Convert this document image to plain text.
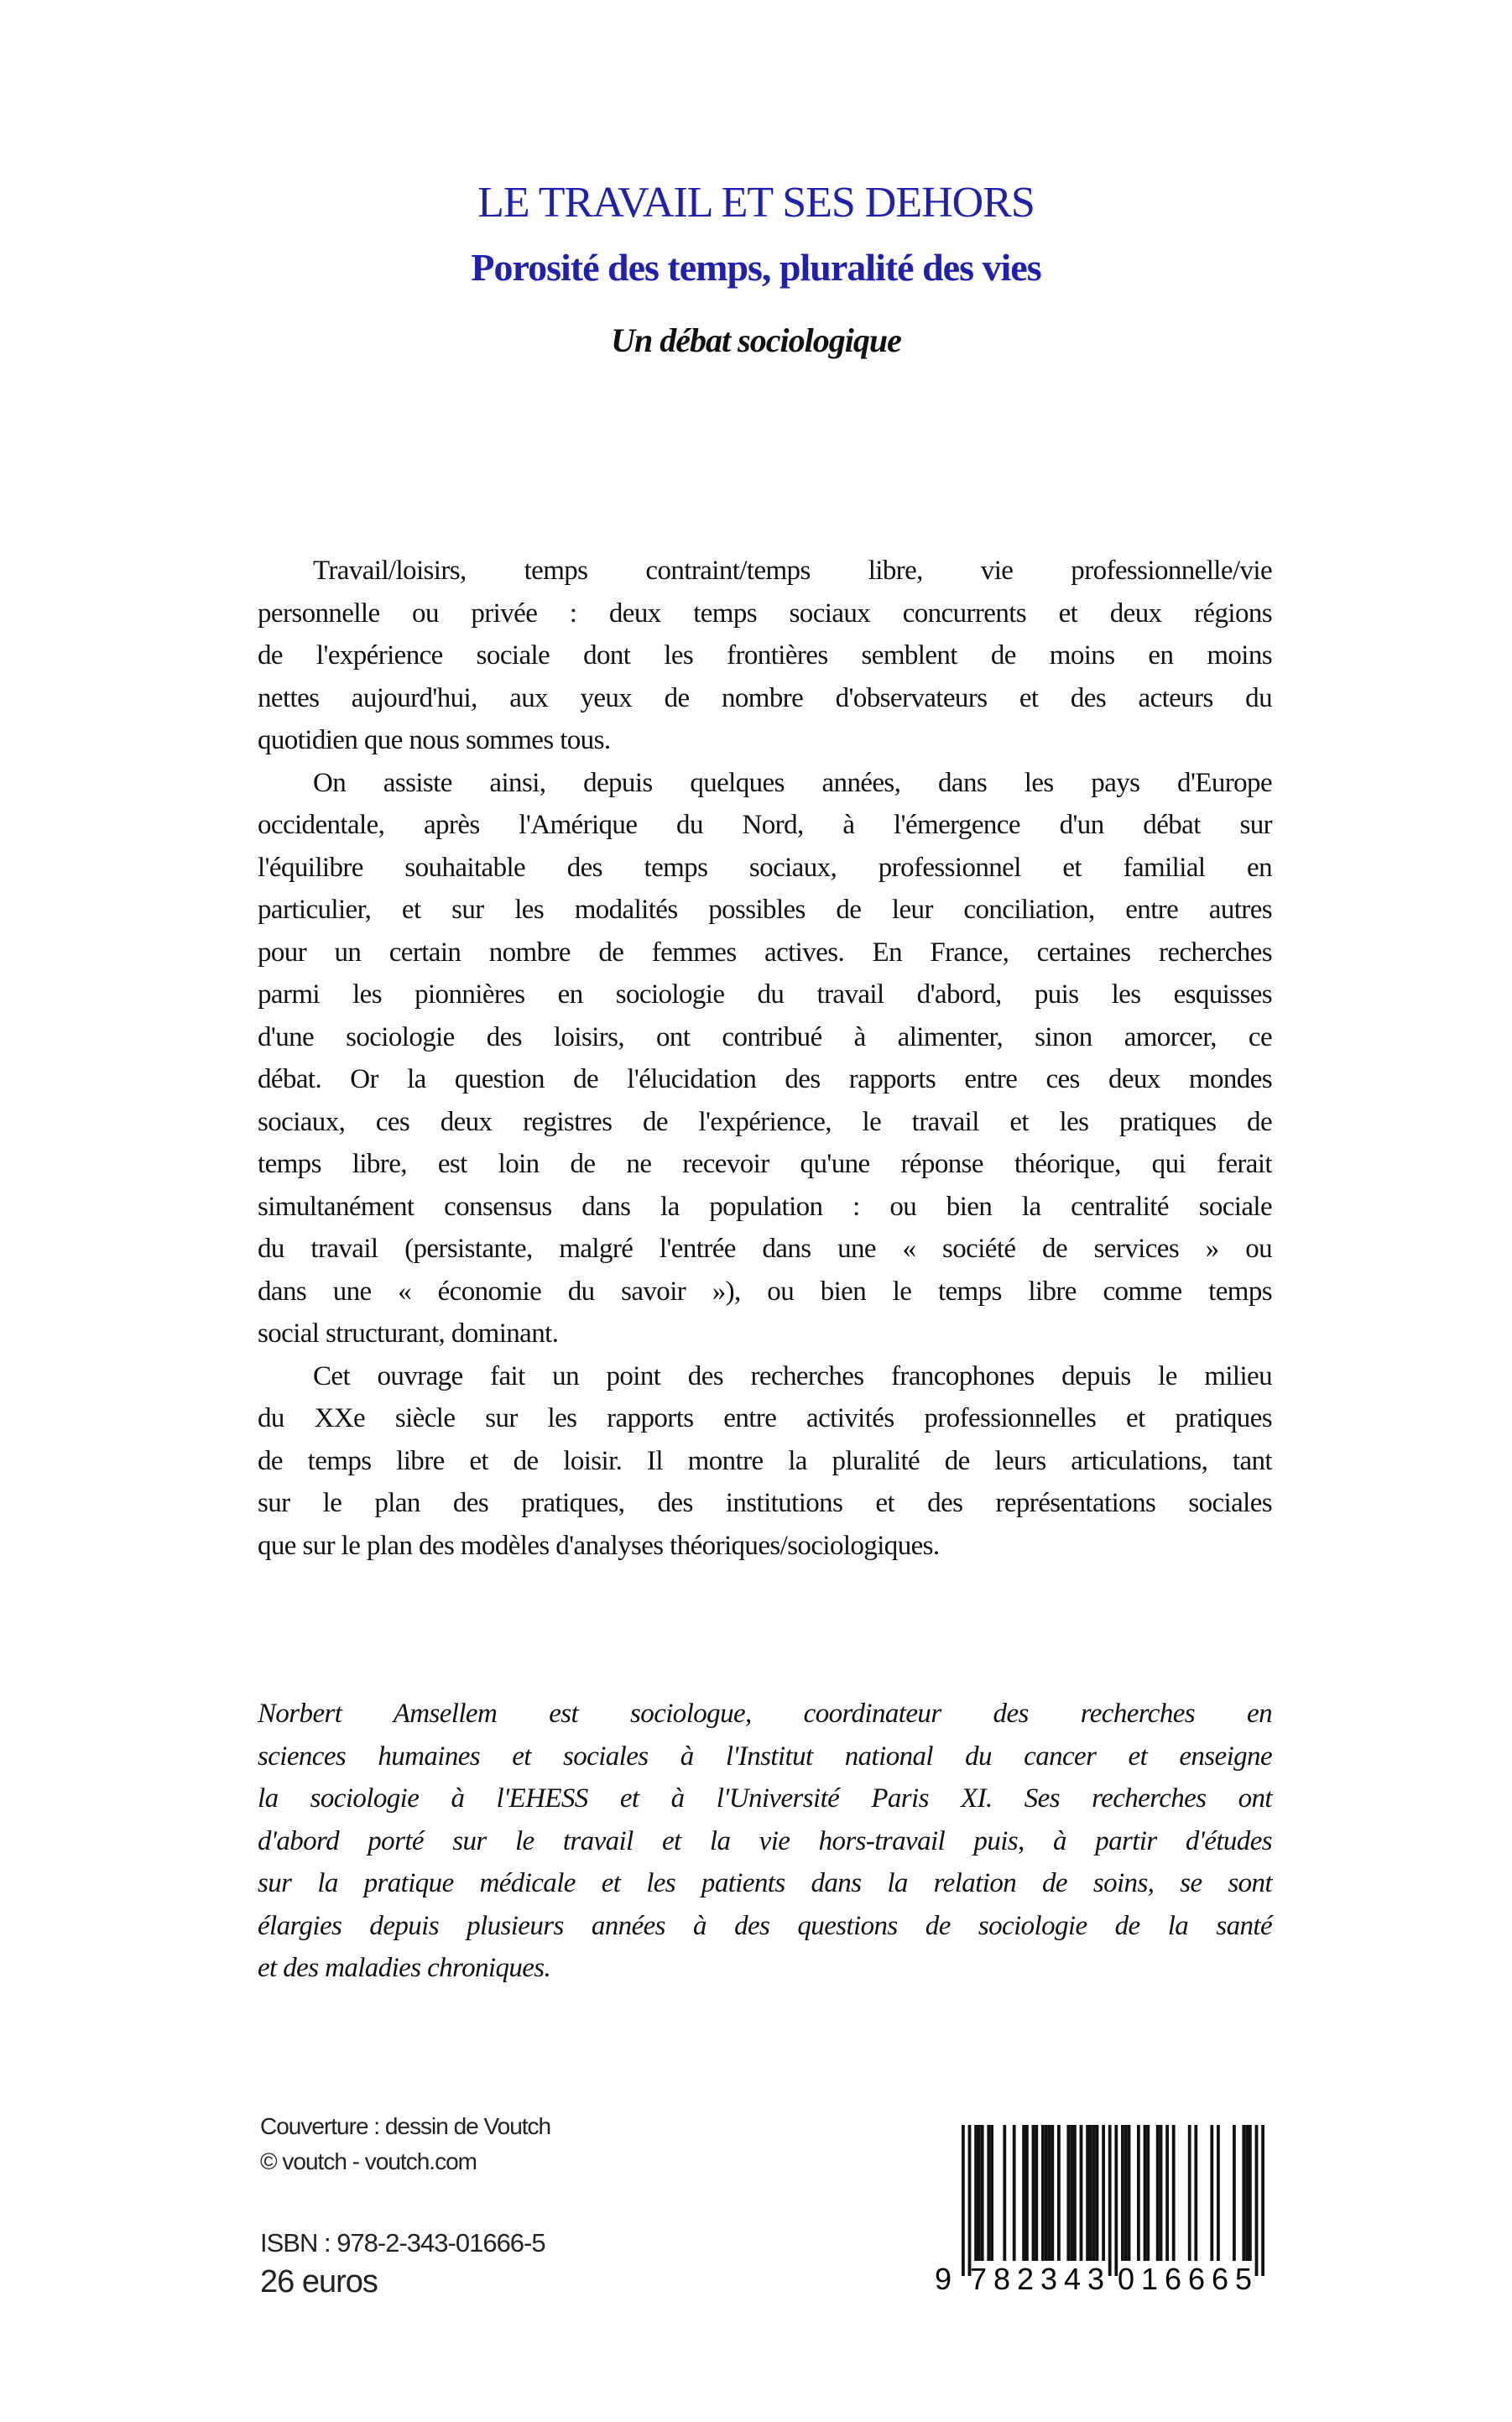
LE TRAVAIL ET SES DEHORS
Porosité des temps, pluralité des vies
Un débat sociologique
Travail/loisirs, temps contraint/temps libre, vie professionnelle/vie
personnelle ou privée : deux temps sociaux concurrents et deux régions
de l'expérience sociale dont les frontières semblent de moins en moins
nettes aujourd'hui, aux yeux de nombre d'observateurs et des acteurs du
quotidien que nous sommes tous.
On assiste ainsi, depuis quelques années, dans les pays d'Europe
occidentale, après l'Amérique du Nord, à l'émergence d'un débat sur
l'équilibre souhaitable des temps sociaux, professionnel et familial en
particulier, et sur les modalités possibles de leur conciliation, entre autres
pour un certain nombre de femmes actives. En France, certaines recherches
parmi les pionnières en sociologie du travail d'abord, puis les esquisses
d'une sociologie des loisirs, ont contribué à alimenter, sinon amorcer, ce
débat. Or la question de l'élucidation des rapports entre ces deux mondes
sociaux, ces deux registres de l'expérience, le travail et les pratiques de
temps libre, est loin de ne recevoir qu'une réponse théorique, qui ferait
simultanément consensus dans la population : ou bien la centralité sociale
du travail (persistante, malgré l'entrée dans une « société de services » ou
dans une « économie du savoir »), ou bien le temps libre comme temps
social structurant, dominant.
Cet ouvrage fait un point des recherches francophones depuis le milieu
du XXe siècle sur les rapports entre activités professionnelles et pratiques
de temps libre et de loisir. Il montre la pluralité de leurs articulations, tant
sur le plan des pratiques, des institutions et des représentations sociales
que sur le plan des modèles d'analyses théoriques/sociologiques.
Norbert Amsellem est sociologue, coordinateur des recherches en
sciences humaines et sociales à l'Institut national du cancer et enseigne
la sociologie à l'EHESS et à l'Université Paris XI. Ses recherches ont
d'abord porté sur le travail et la vie hors-travail puis, à partir d'études
sur la pratique médicale et les patients dans la relation de soins, se sont
élargies depuis plusieurs années à des questions de sociologie de la santé
et des maladies chroniques.
Couverture : dessin de Voutch
© voutch - voutch.com
ISBN : 978-2-343-01666-5
26 euros	9 782343 016665
